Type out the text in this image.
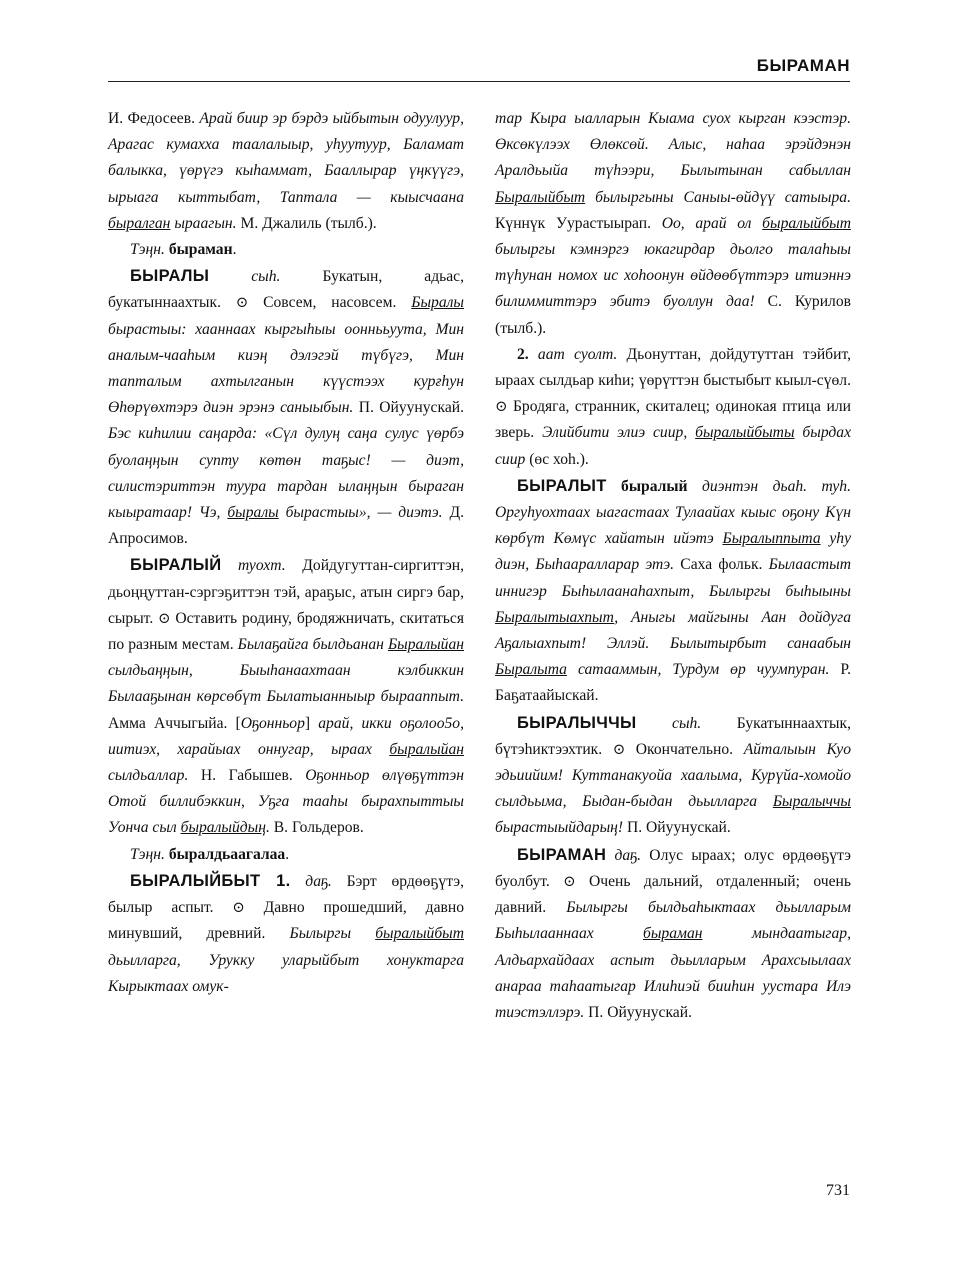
БЫРАМАН

И. Федосеев. Арай биир эр бэрдэ ыйбытын одуулуур, Арагас кумахха таалалыыр, уһуутуур, Баламат балыкка, үөрүгэ кыһаммат, Бааллырар үңкүүгэ, ырыага кыттыбат, Таптала — кыысчаана быралган ыраагын. М. Джалиль (тылб.).

Тэңн. бырaман.

БЫРАЛЫ сыһ. Букатын, адьас, букатыннаахтык. ⊙ Совсем, насовсем. Быралы бырастыы: хааннаах кыргыһыы ооннььуута, Мин аналым-чааһым киэң дэлэгэй түбүгэ, Мин тапталым ахтылганын күүстээх курғһун Өһөрүөхтэрэ диэн эрэнэ саныыбын. П. Ойуунускай. Бэс киһилии саңарда: «Сүл дулуң саңа сулус үөрбэ буолаңңын супту көтөн таҕыс! — диэт, силистэриттэн туура тардан ылаңңын бырагaн кыыратаар! Чэ, быралы бырастыы», — диэтэ. Д. Апросимов.

БЫРАЛЫЙ туохт. Дойдугуттан-сиргиттэн, дьоңңуттан-сэргэҕиттэн тэй, араҕыс, атын сиргэ бар, сырыт. ⊙ Оставить родину, бродяжничать, скитаться по разным местам. Былаҕайга былдьанан Быралыйан сылдьаңңын, Быыһанаахтаан кэлбиккин Былааҕынан көрсөбүт Былатыанныыр бырааппыт. Амма Аччыгыйа. [Оҕонньор] арай, икки оҕолоо5о, иитиэх, харайыах оннугар, ыраах быралыйан сылдьаллар. Н. Габышев. Оҕонньор өлүөҕүттэн Отой биллибэккин, Уҕга тааһы бырахпыттыы Уонча сыл быралыйдың. В. Гольдеров.

Тэңн. быралдьаагалаа.

БЫРАЛЫЙБЫТ 1. даҕ. Бэрт өрдөөҕүтэ, былыр аспыт. ⊙ Давно прошедший, давно минувший, древний. Былыргы быралыйбыт дьылларга, Урукку уларыйбыт хонуктарга Кырыктаах омук-

тар Кыра ыалларын Кыама суох кырган кээстэр. Өксөкүлээх Өлөксөй. Алыс, наһаа эрэйдэнэн Аралдьыйа түһээри, Былытынан сабыллан Быралыйбыт былыргыны Саныы-өйдүү сатыыра. Күннүк Уурастыырап. Оо, арай ол быралыйбыт былыргы кэмнэргэ юкагирдар дьолго талаһыы түһунан номох ис хоһоонун өйдөөбүттэрэ итиэннэ билиммиттэрэ эбитэ буоллун даа! С. Курилов (тылб.).

2. аат суолт. Дьонуттан, дойдутуттан тэйбит, ыраах сылдьар киһи; үөрүттэн быстыбыт кыыл-сүөл. ⊙ Бродяга, странник, скиталец; одинокая птица или зверь. Элийбити элиэ сиир, быралыйбыты бырдах сиир (өс хоһ.).

БЫРАЛЫТ быралый диэнтэн дьаһ. туһ. Оргуһуохтаах ыагастаах Тулаайах кыыс оҕону Күн көрбүт Көмүс хайатын ийэтэ Быралыппыта уһу диэн, Быһааралларар этэ. Саха фольк. Былаастыт иннигэр Быһылаанаһахпыт, Былыргы быһыыны Быралытыахпыт, Аныгы майгыны Аан дойдуга Аҕалыахпыт! Эллэй. Былытырбыт санаабын Быралыта сатааммын, Турдум өр чуумпуран. Р. Баҕатаайыскай.

БЫРАЛЫЧЧЫ сыһ. Букатыннаахтык, бүтэһиктээхтик. ⊙ Окончательно. Айталыын Куо эдьиийим! Куттанакуойа хаалыма, Курүйа-хомойо сылдьыма, Быдан-быдан дьылларга Быралыччы бырастыыйдарың! П. Ойуунускай.

БЫРАМАН даҕ. Олус ыраах; олус өрдөөҕүтэ буолбут. ⊙ Очень дальний, отдаленный; очень давний. Былыргы былдьаһыктаах дьылларым Быһылааннаах быраман мындаатыгар, Алдьархайдаах аспыт дьылларым Арахсыылаах анараа таһаатыгар Илиһиэй бииһин уустара Илэ тиэстэллэрэ. П. Ойуунускай.

731
